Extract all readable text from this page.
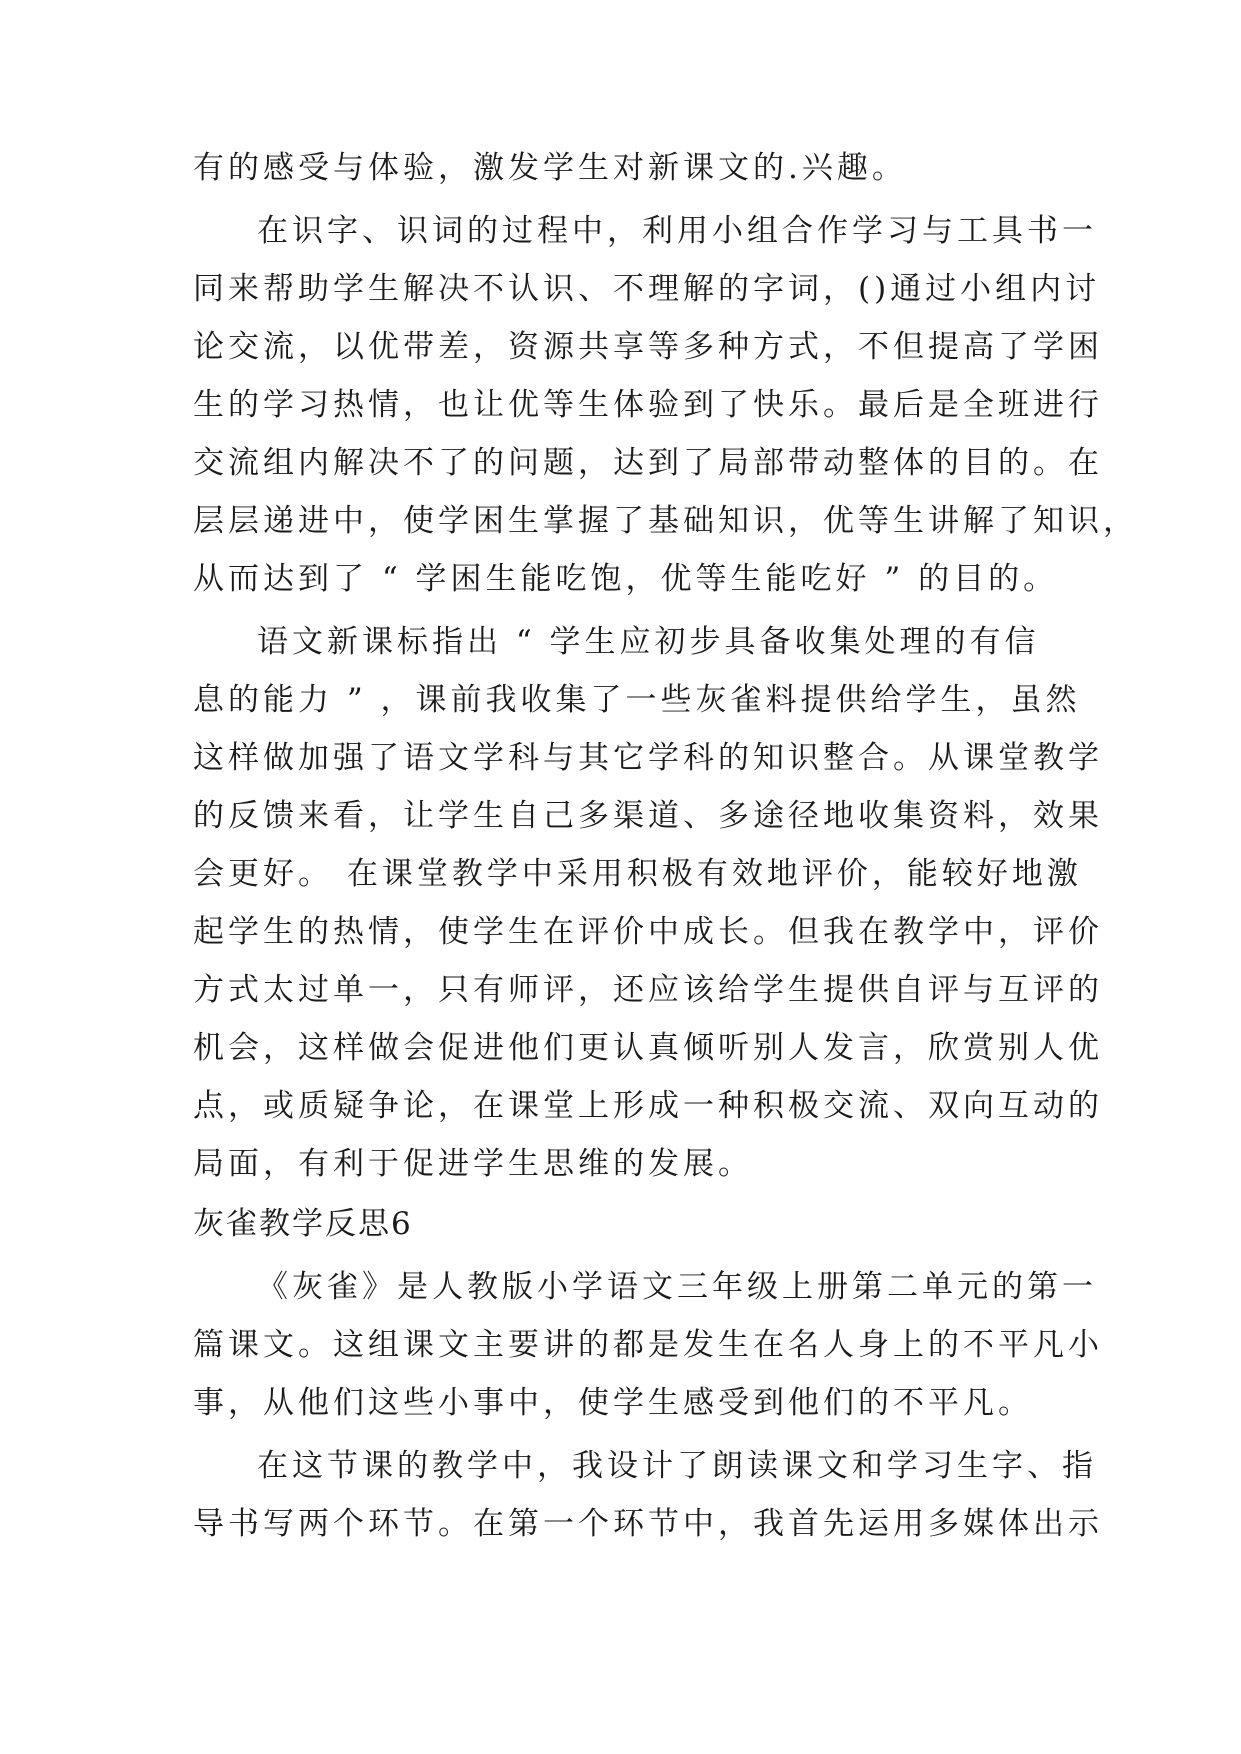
有的感受与体验，激发学生对新课文的.兴趣。
在识字、识词的过程中，利用小组合作学习与工具书一
同来帮助学生解决不认识、不理解的字词，()通过小组内讨
论交流，以优带差，资源共享等多种方式，不但提高了学困
生的学习热情，也让优等生体验到了快乐。最后是全班进行
交流组内解决不了的问题，达到了局部带动整体的目的。在
层层递进中，使学困生掌握了基础知识，优等生讲解了知识，
从而达到了 “ 学困生能吃饱，优等生能吃好 ” 的目的。
语文新课标指出 “ 学生应初步具备收集处理的有信
息的能力 ” ，课前我收集了一些灰雀料提供给学生，虽然
这样做加强了语文学科与其它学科的知识整合。从课堂教学
的反馈来看，让学生自己多渠道、多途径地收集资料，效果
会更好。 在课堂教学中采用积极有效地评价，能较好地激
起学生的热情，使学生在评价中成长。但我在教学中，评价
方式太过单一，只有师评，还应该给学生提供自评与互评的
机会，这样做会促进他们更认真倾听别人发言，欣赏别人优
点，或质疑争论，在课堂上形成一种积极交流、双向互动的
局面，有利于促进学生思维的发展。
灰雀教学反思6
《灰雀》是人教版小学语文三年级上册第二单元的第一
篇课文。这组课文主要讲的都是发生在名人身上的不平凡小
事，从他们这些小事中，使学生感受到他们的不平凡。
在这节课的教学中，我设计了朗读课文和学习生字、指
导书写两个环节。在第一个环节中，我首先运用多媒体出示
